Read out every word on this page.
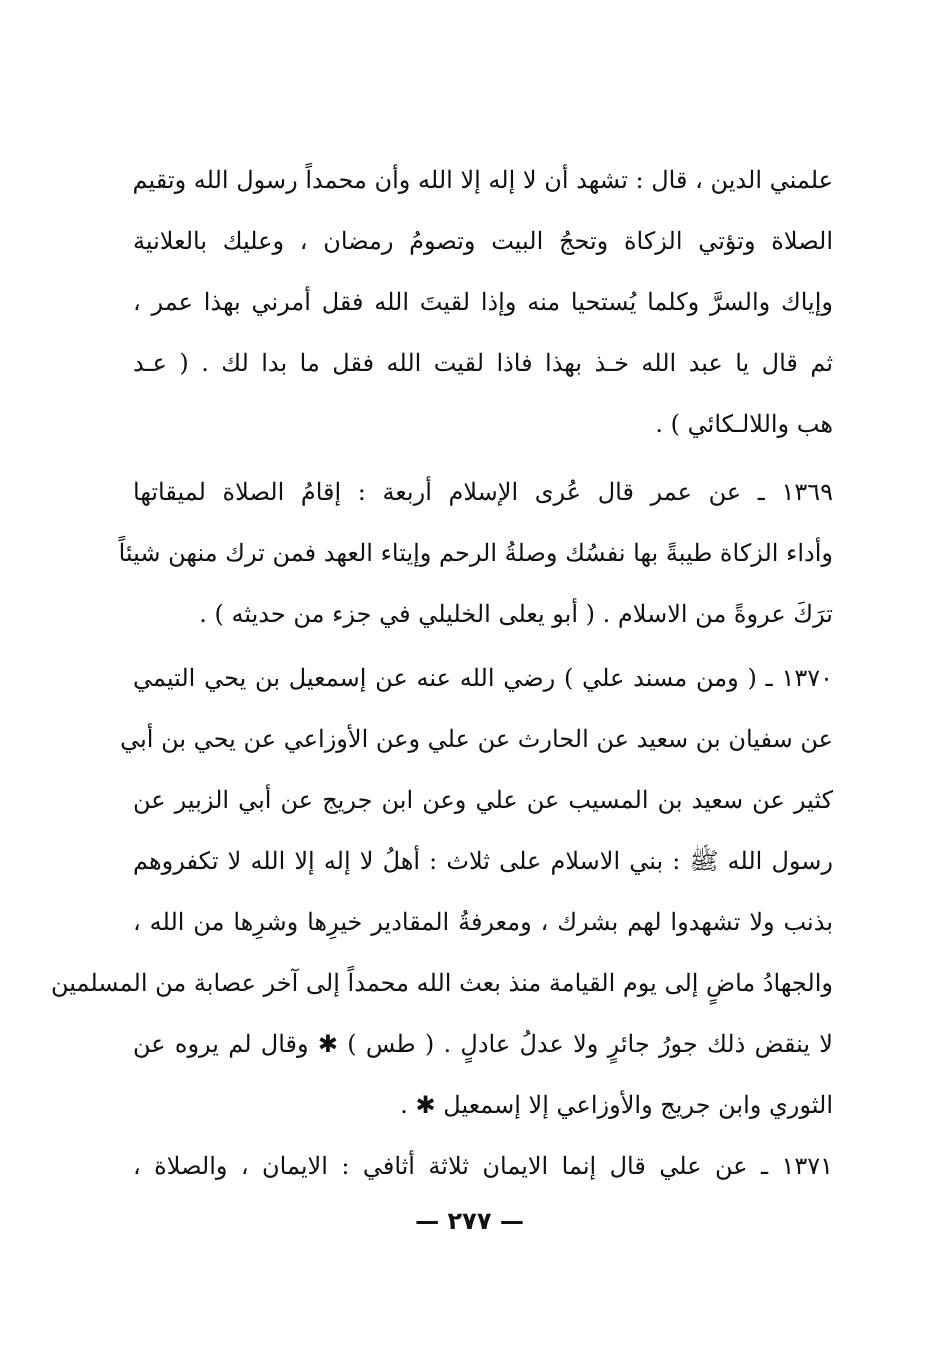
علمني الدين ، قال : تشهد أن لا إله إلا الله وأن محمداً رسول الله وتقيم
الصلاة وتؤتي الزكاة وتحجُ البيت وتصومُ رمضان ، وعليك بالعلانية
وإياك والسرَّ وكلما يُستحيا منه وإذا لقيتَ الله فقل أمرني بهذا عمر ،
ثم قال يا عبد الله خـذ بهذا فاذا لقيت الله فقل ما بدا لك . ( عـد
هب واللالـكائي ) .
١٣٦٩ ـ عن عمر قال عُرى الإسلام أربعة : إقامُ الصلاة لميقاتها
وأداء الزكاة طيبةً بها نفسُك وصلةُ الرحم وإيتاء العهد فمن ترك منهن شيئاً
ترَكَ عروةً من الاسلام . ( أبو يعلى الخليلي في جزء من حديثه ) .
١٣٧٠ ـ ( ومن مسند علي ) رضي الله عنه عن إسمعيل بن يحي التيمي
عن سفيان بن سعيد عن الحارث عن علي وعن الأوزاعي عن يحي بن أبي
كثير عن سعيد بن المسيب عن علي وعن ابن جريج عن أبي الزبير عن
رسول الله ﷺ : بني الاسلام على ثلاث : أهلُ لا إله إلا الله لا تكفروهم
بذنب ولا تشهدوا لهم بشرك ، ومعرفةُ المقادير خيرِها وشرِها من الله ،
والجهادُ ماضٍ إلى يوم القيامة منذ بعث الله محمداً إلى آخر عصابة من المسلمين
لا ينقض ذلك جورُ جائرٍ ولا عدلُ عادلٍ . ( طس ) ✱ وقال لم يروه عن
الثوري وابن جريج والأوزاعي إلا إسمعيل ✱ .
١٣٧١ ـ عن علي قال إنما الايمان ثلاثة أثافي : الايمان ، والصلاة ،
— ٢٧٧ —
